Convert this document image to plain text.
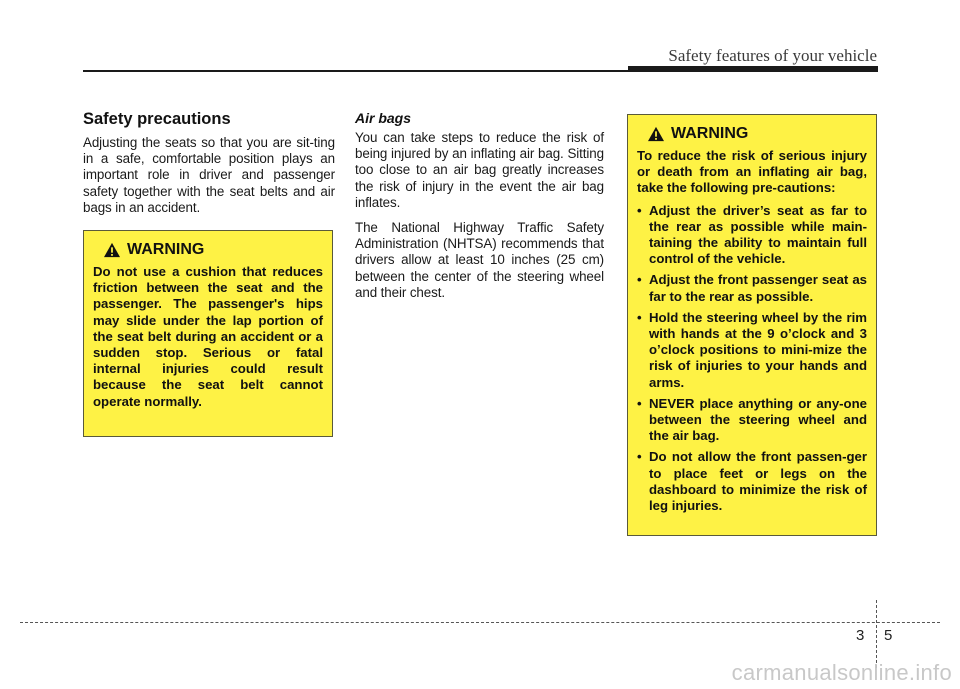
Safety features of your vehicle
Safety precautions

Adjusting the seats so that you are sit-ting in a safe, comfortable position plays an important role in driver and passenger safety together with the seat belts and air bags in an accident.

WARNING

Do not use a cushion that reduces friction between the seat and the passenger. The passenger's hips may slide under the lap portion of the seat belt during an accident or a sudden stop. Serious or fatal internal injuries could result because the seat belt cannot operate normally.

Air bags

You can take steps to reduce the risk of being injured by an inflating air bag. Sitting too close to an air bag greatly increases the risk of injury in the event the air bag inflates.

The National Highway Traffic Safety Administration (NHTSA) recommends that drivers allow at least 10 inches (25 cm) between the center of the steering wheel and their chest.

WARNING

To reduce the risk of serious injury or death from an inflating air bag, take the following pre-cautions:

• Adjust the driver’s seat as far to the rear as possible while main-taining the ability to maintain full control of the vehicle.
• Adjust the front passenger seat as far to the rear as possible.
• Hold the steering wheel by the rim with hands at the 9 o’clock and 3 o’clock positions to mini-mize the risk of injuries to your hands and arms.
• NEVER place anything or any-one between the steering wheel and the air bag.
• Do not allow the front passen-ger to place feet or legs on the dashboard to minimize the risk of leg injuries.
3 5
carmanualsonline.info
